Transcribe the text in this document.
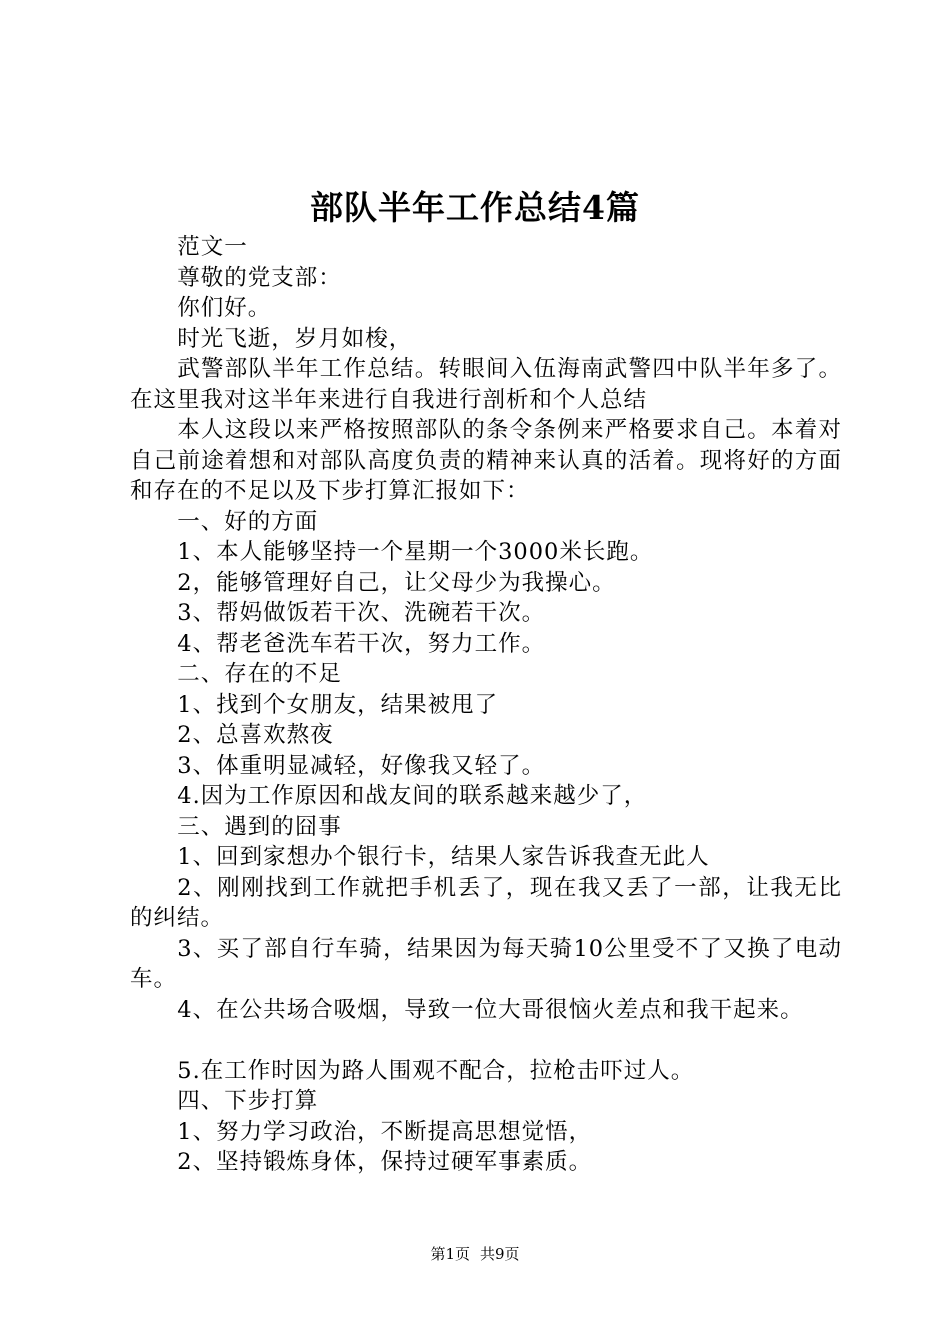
部队半年工作总结4篇

范文一

尊敬的党支部：

你们好。

时光飞逝，岁月如梭，

武警部队半年工作总结。转眼间入伍海南武警四中队半年多了。在这里我对这半年来进行自我进行剖析和个人总结

本人这段以来严格按照部队的条令条例来严格要求自己。本着对自己前途着想和对部队高度负责的精神来认真的活着。现将好的方面和存在的不足以及下步打算汇报如下：

一、好的方面

1、本人能够坚持一个星期一个3000米长跑。

2，能够管理好自己，让父母少为我操心。

3、帮妈做饭若干次、洗碗若干次。

4、帮老爸洗车若干次，努力工作。

二、存在的不足

1、找到个女朋友，结果被甩了

2、总喜欢熬夜

3、体重明显减轻，好像我又轻了。

4.因为工作原因和战友间的联系越来越少了，

三、遇到的囧事

1、回到家想办个银行卡，结果人家告诉我查无此人

2、刚刚找到工作就把手机丢了，现在我又丢了一部，让我无比的纠结。

3、买了部自行车骑，结果因为每天骑10公里受不了又换了电动车。

4、在公共场合吸烟，导致一位大哥很恼火差点和我干起来。

5.在工作时因为路人围观不配合，拉枪击吓过人。

四、下步打算

1、努力学习政治，不断提高思想觉悟，

2、坚持锻炼身体，保持过硬军事素质。

第1页 共9页
